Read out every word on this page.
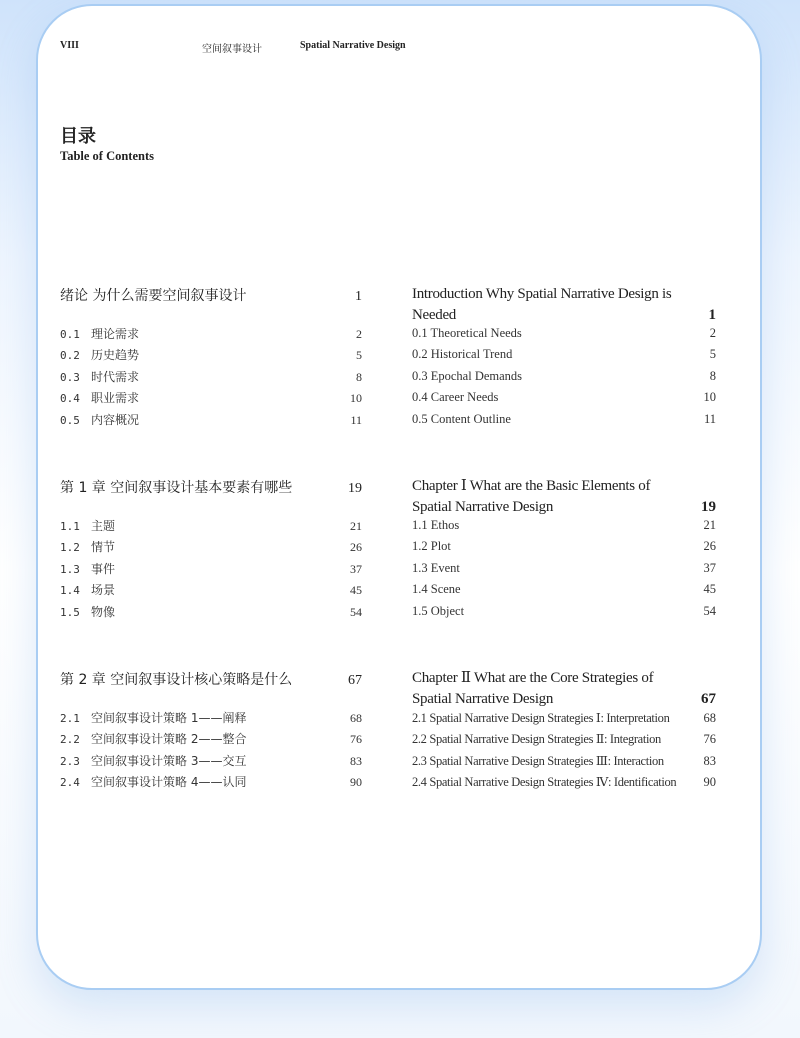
VIII	空间叙事设计	Spatial Narrative Design
目录
Table of Contents
绪论 为什么需要空间叙事设计	1
0.1 理论需求	2
0.2 历史趋势	5
0.3 时代需求	8
0.4 职业需求	10
0.5 内容概况	11
Introduction Why Spatial Narrative Design is
Needed	1
0.1 Theoretical Needs	2
0.2 Historical Trend	5
0.3 Epochal Demands	8
0.4 Career Needs	10
0.5 Content Outline	11
第 1 章 空间叙事设计基本要素有哪些	19
1.1 主题	21
1.2 情节	26
1.3 事件	37
1.4 场景	45
1.5 物像	54
Chapter Ⅰ What are the Basic Elements of
Spatial Narrative Design	19
1.1 Ethos	21
1.2 Plot	26
1.3 Event	37
1.4 Scene	45
1.5 Object	54
第 2 章 空间叙事设计核心策略是什么	67
2.1 空间叙事设计策略 1——阐释	68
2.2 空间叙事设计策略 2——整合	76
2.3 空间叙事设计策略 3——交互	83
2.4 空间叙事设计策略 4——认同	90
Chapter Ⅱ What are the Core Strategies of
Spatial Narrative Design	67
2.1 Spatial Narrative Design Strategies Ⅰ: Interpretation	68
2.2 Spatial Narrative Design Strategies Ⅱ: Integration	76
2.3 Spatial Narrative Design Strategies Ⅲ: Interaction	83
2.4 Spatial Narrative Design Strategies Ⅳ: Identification	90
